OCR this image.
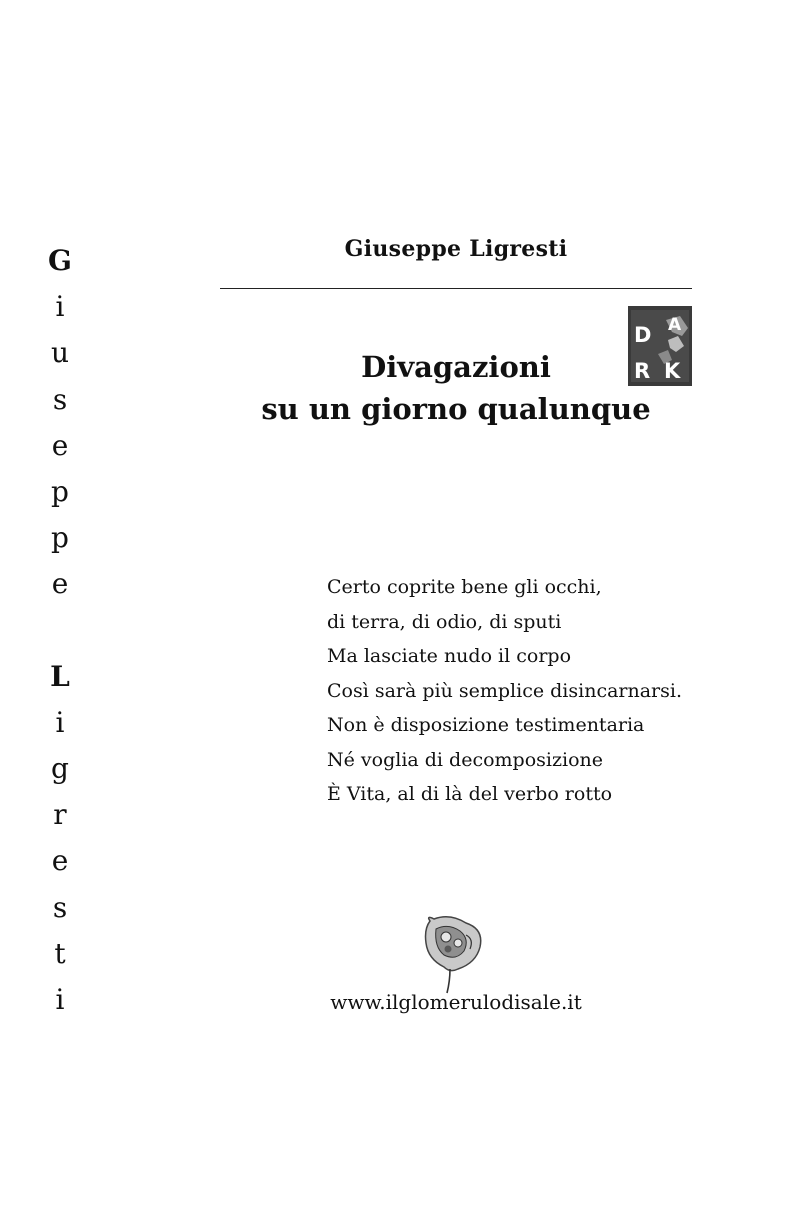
G
i
u
s
e
p
p
e
L
i
g
r
e
s
t
i
Giuseppe Ligresti
D A
R K
Divagazioni
su un giorno qualunque
Certo coprite bene gli occhi,
di terra, di odio, di sputi
Ma lasciate nudo il corpo
Così sarà più semplice disincarnarsi.
Non è disposizione testimentaria
Né voglia di decomposizione
È Vita, al di là del verbo rotto
www.ilglomerulodisale.it
